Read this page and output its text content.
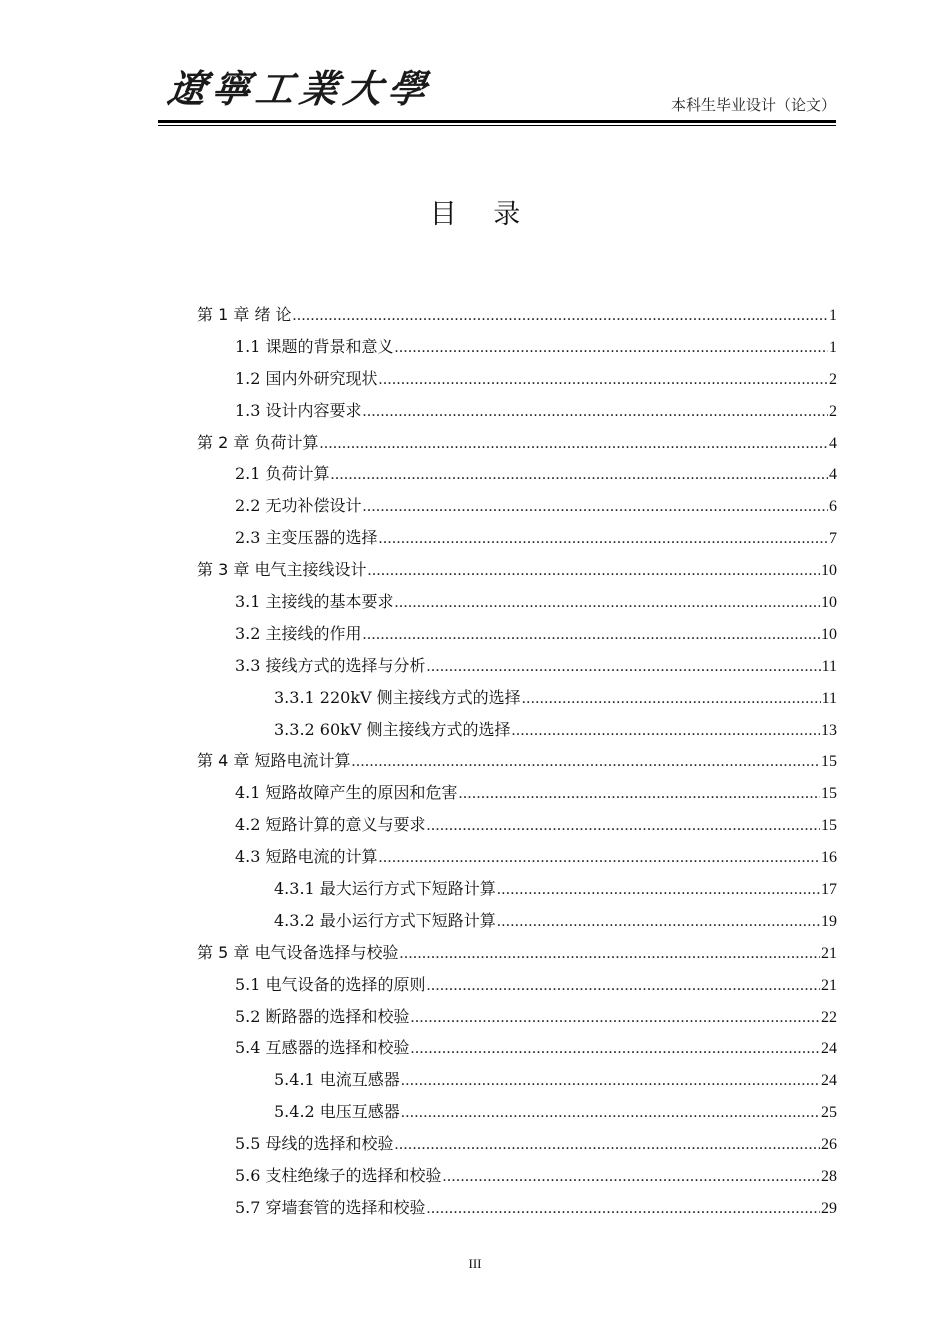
遼寧工業大學	本科生毕业设计（论文）
目 录
第 1 章 绪 论 .....	1
1.1 课题的背景和意义 .....	1
1.2 国内外研究现状 .....	2
1.3 设计内容要求 .....	2
第 2 章 负荷计算 .....	4
2.1 负荷计算 .....	4
2.2 无功补偿设计 .....	6
2.3 主变压器的选择 .....	7
第 3 章 电气主接线设计 .....	10
3.1 主接线的基本要求 .....	10
3.2 主接线的作用 .....	10
3.3 接线方式的选择与分析 .....	11
3.3.1 220kV 侧主接线方式的选择 .....	11
3.3.2 60kV 侧主接线方式的选择 .....	13
第 4 章 短路电流计算 .....	15
4.1 短路故障产生的原因和危害 .....	15
4.2 短路计算的意义与要求 .....	15
4.3 短路电流的计算 .....	16
4.3.1 最大运行方式下短路计算 .....	17
4.3.2 最小运行方式下短路计算 .....	19
第 5 章 电气设备选择与校验 .....	21
5.1 电气设备的选择的原则 .....	21
5.2 断路器的选择和校验 .....	22
5.4 互感器的选择和校验 .....	24
5.4.1 电流互感器 .....	24
5.4.2 电压互感器 .....	25
5.5 母线的选择和校验 .....	26
5.6 支柱绝缘子的选择和校验 .....	28
5.7 穿墙套管的选择和校验 .....	29
III
